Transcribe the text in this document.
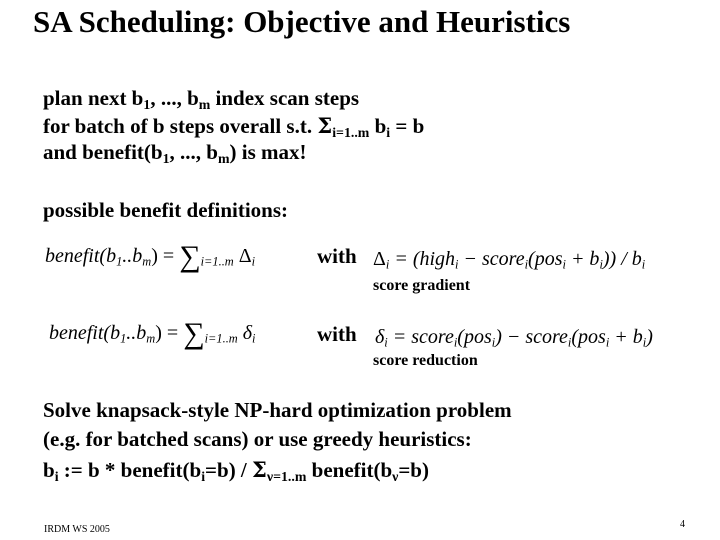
SA Scheduling: Objective and Heuristics
plan next $b_1$, ..., $b_m$ index scan steps
for batch of b steps overall s.t. $\Sigma_{i=1..m}$ $b_i = b$
and $benefit(b_1$, ..., $b_m$) is max!
possible benefit definitions:
$benefit(b_1..b_m) = \sum_{i=1..m}$ $\Delta_i$	with $\Delta_i$ = (high$_i$ − score$_i$(pos$_i$ + $b_i)) / b_i$
score gradient
$benefit(b_1..b_m) = \sum_{i=1..m}$ $\delta_i$	with $\delta_i$ = score$_i$(pos$_i$) − score$_i$(pos$_i$ + $b_i$)
score reduction
Solve knapsack-style NP-hard optimization problem
(e.g. for batched scans) or use greedy heuristics:
$b_i$ := $b * benefit(b_i=b) / \Sigma_{\nu=1..m}$ $benefit(b_\nu=b)$
IRDM WS 2005	4
